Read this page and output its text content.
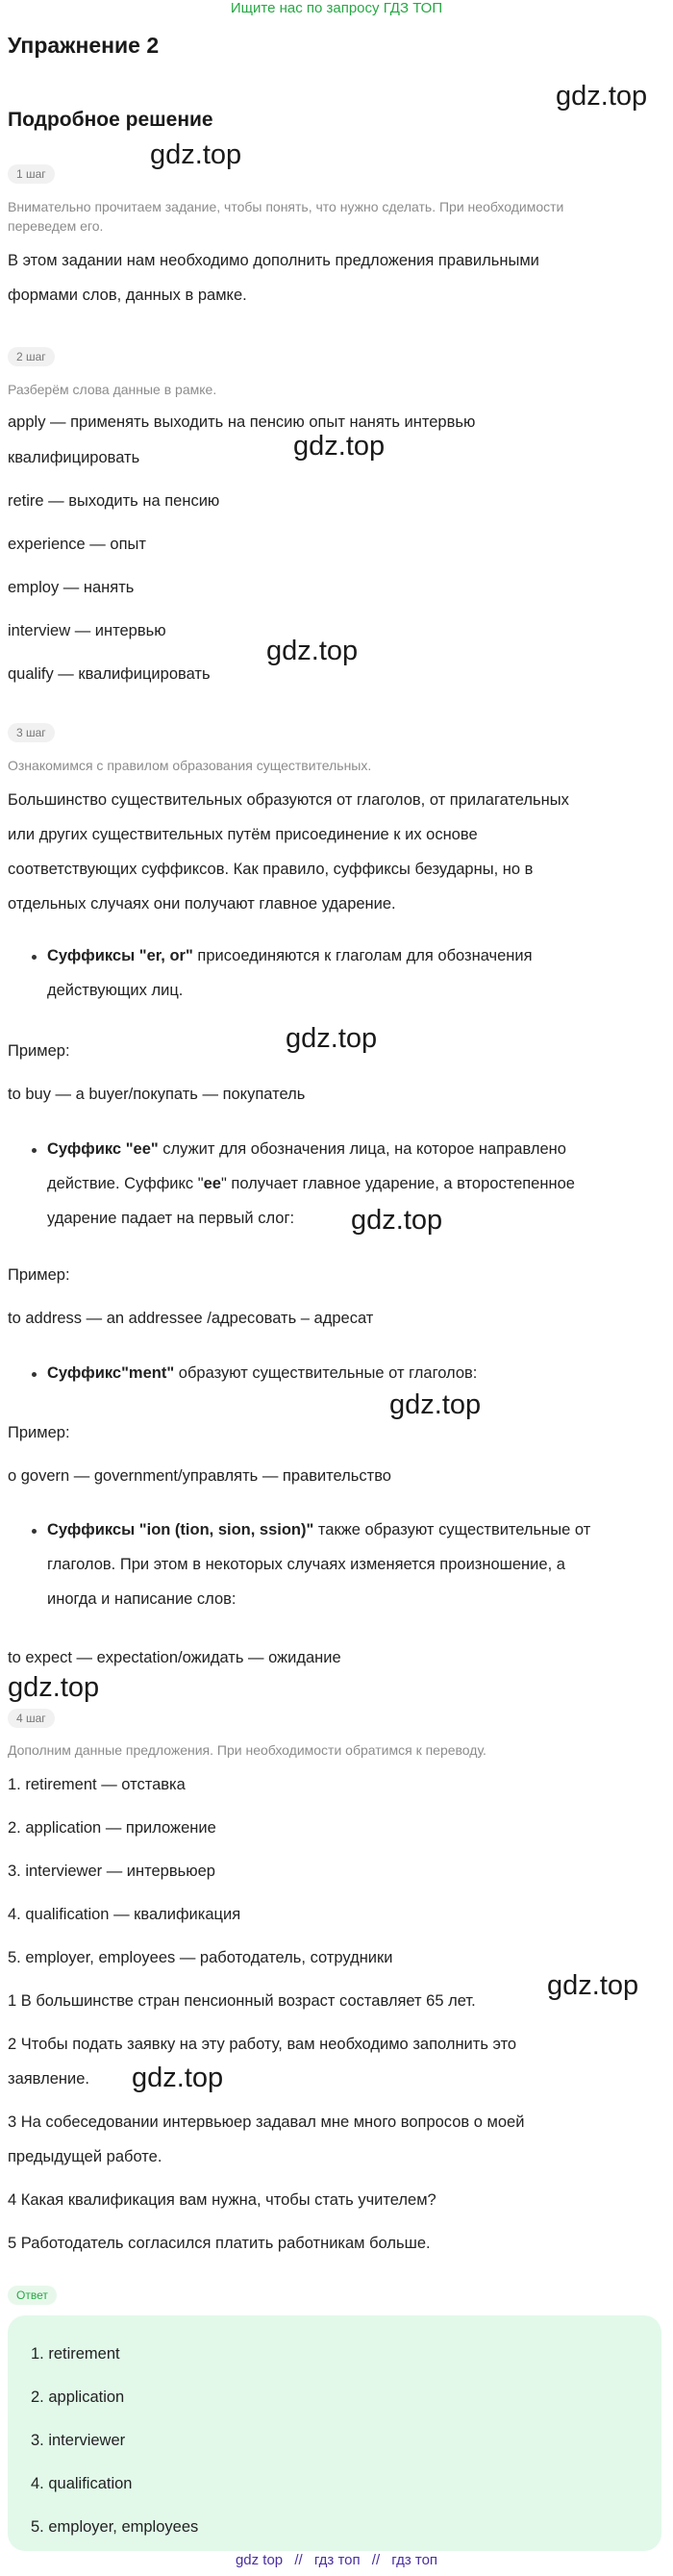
Ищите нас по запросу ГДЗ ТОП
Упражнение 2
Подробное решение
gdz.top
gdz.top
gdz.top
gdz.top
gdz.top
gdz.top
gdz.top
gdz.top
gdz.top
gdz.top
1 шаг
Внимательно прочитаем задание, чтобы понять, что нужно сделать. При необходимости
переведем его.
В этом задании нам необходимо дополнить предложения правильными
формами слов, данных в рамке.
2 шаг
Разберём слова данные в рамке.
apply — применять выходить на пенсию опыт нанять интервью
квалифицировать
retire — выходить на пенсию
experience — опыт
employ — нанять
interview — интервью
qualify — квалифицировать
3 шаг
Ознакомимся с правилом образования существительных.
Большинство существительных образуются от глаголов, от прилагательных
или других существительных путём присоединение к их основе
соответствующих суффиксов. Как правило, суффиксы безударны, но в
отдельных случаях они получают главное ударение.
Суффиксы "er, or" присоединяются к глаголам для обозначения
действующих лиц.
Пример:
to buy — a buyer/покупать — покупатель
Суффикс "ee" служит для обозначения лица, на которое направлено
действие. Суффикс "ee" получает главное ударение, а второстепенное
ударение падает на первый слог:
Пример:
to address — an addressee /адресовать – адресат
Суффикс"ment" образуют существительные от глаголов:
Пример:
o govern — government/управлять — правительство
Суффиксы "ion (tion, sion, ssion)" также образуют существительные от
глаголов. При этом в некоторых случаях изменяется произношение, а
иногда и написание слов:
to expect — expectation/ожидать — ожидание
4 шаг
Дополним данные предложения. При необходимости обратимся к переводу.
1. retirement — отставка
2. application — приложение
3. interviewer — интервьюер
4. qualification — квалификация
5. employer, employees — работодатель, сотрудники
1 В большинстве стран пенсионный возраст составляет 65 лет.
2 Чтобы подать заявку на эту работу, вам необходимо заполнить это
заявление.
3 На собеседовании интервьюер задавал мне много вопросов о моей
предыдущей работе.
4 Какая квалификация вам нужна, чтобы стать учителем?
5 Работодатель согласился платить работникам больше.
Ответ
1. retirement
2. application
3. interviewer
4. qualification
5. employer, employees
gdz top // гдз топ // гдз топ
